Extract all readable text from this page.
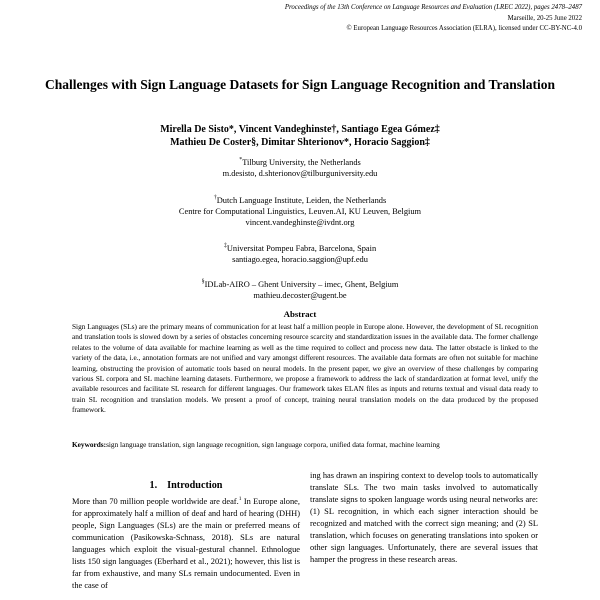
Proceedings of the 13th Conference on Language Resources and Evaluation (LREC 2022), pages 2478–2487
Marseille, 20-25 June 2022
© European Language Resources Association (ELRA), licensed under CC-BY-NC-4.0
Challenges with Sign Language Datasets for Sign Language Recognition and Translation
Mirella De Sisto*, Vincent Vandeghinste†, Santiago Egea Gómez‡
Mathieu De Coster§, Dimitar Shterionov*, Horacio Saggion‡
*Tilburg University, the Netherlands
m.desisto, d.shterionov@tilburguniversity.edu
†Dutch Language Institute, Leiden, the Netherlands
Centre for Computational Linguistics, Leuven.AI, KU Leuven, Belgium
vincent.vandeghinste@ivdnt.org
‡Universitat Pompeu Fabra, Barcelona, Spain
santiago.egea, horacio.saggion@upf.edu
§IDLab-AIRO – Ghent University – imec, Ghent, Belgium
mathieu.decoster@ugent.be
Abstract
Sign Languages (SLs) are the primary means of communication for at least half a million people in Europe alone. However, the development of SL recognition and translation tools is slowed down by a series of obstacles concerning resource scarcity and standardization issues in the available data. The former challenge relates to the volume of data available for machine learning as well as the time required to collect and process new data. The latter obstacle is linked to the variety of the data, i.e., annotation formats are not unified and vary amongst different resources. The available data formats are often not suitable for machine learning, obstructing the provision of automatic tools based on neural models. In the present paper, we give an overview of these challenges by comparing various SL corpora and SL machine learning datasets. Furthermore, we propose a framework to address the lack of standardization at format level, unify the available resources and facilitate SL research for different languages. Our framework takes ELAN files as inputs and returns textual and visual data ready to train SL recognition and translation models. We present a proof of concept, training neural translation models on the data produced by the proposed framework.
Keywords:sign language translation, sign language recognition, sign language corpora, unified data format, machine learning
1. Introduction
More than 70 million people worldwide are deaf.$^1$ In Europe alone, for approximately half a million of deaf and hard of hearing (DHH) people, Sign Languages (SLs) are the main or preferred means of communication (Pasikowska-Schnass, 2018). SLs are natural languages which exploit the visual-gestural channel. Ethnologue lists 150 sign languages (Eberhard et al., 2021); however, this list is far from exhaustive, and many SLs remain undocumented. Even in the case of
ing has drawn an inspiring context to develop tools to automatically translate SLs. The two main tasks involved to automatically translate signs to spoken language words using neural networks are: (1) SL recognition, in which each signer interaction should be recognized and matched with the correct sign meaning; and (2) SL translation, which focuses on generating translations into spoken or other sign languages. Unfortunately, there are several issues that hamper the progress in these research areas.
